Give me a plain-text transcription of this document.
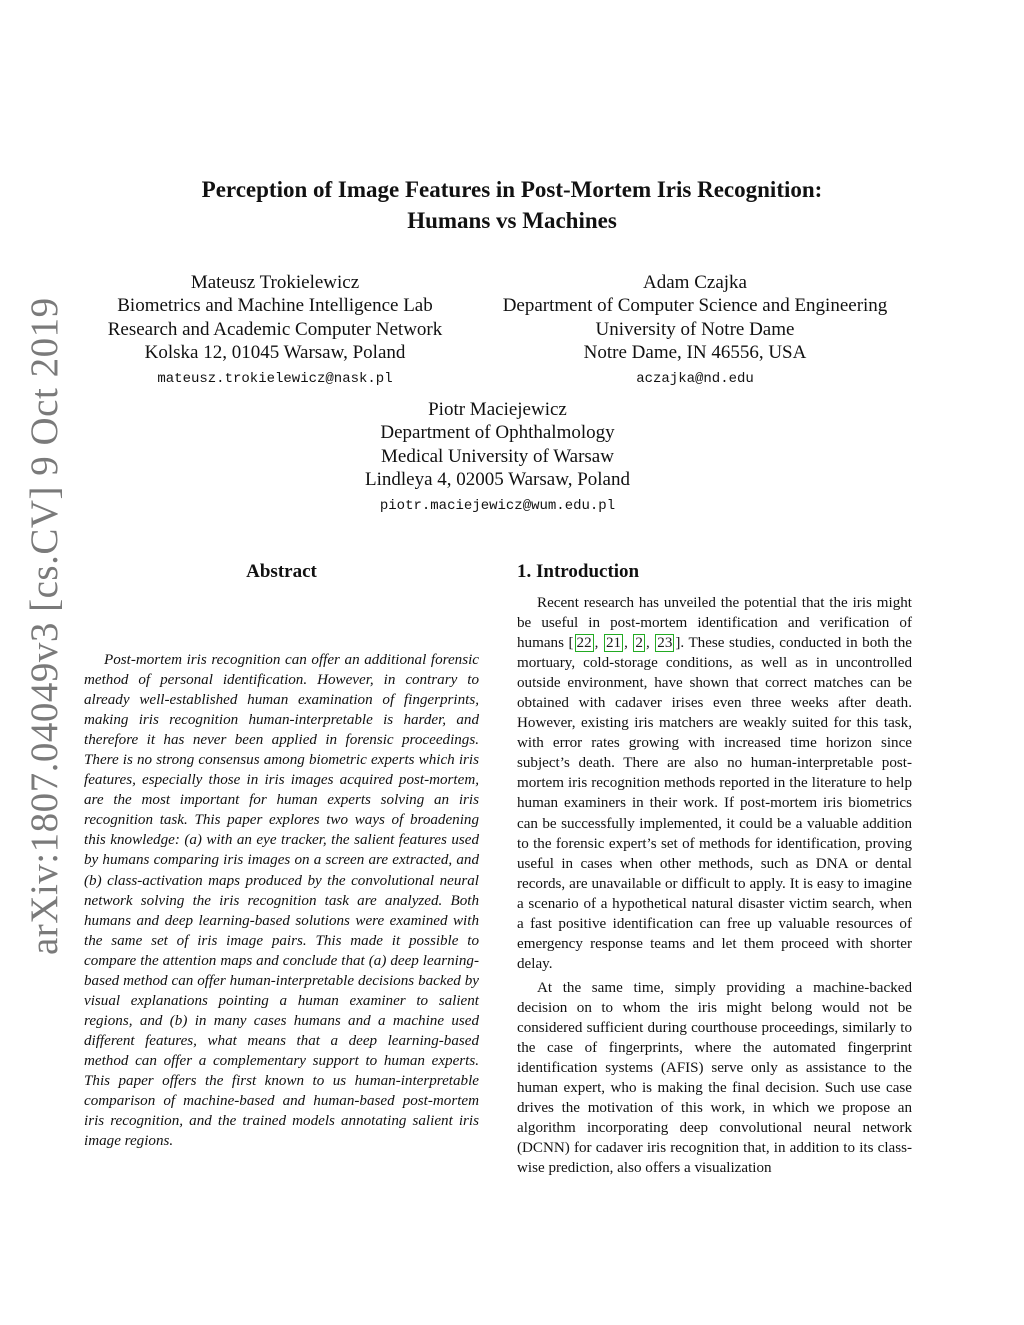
arXiv:1807.04049v3 [cs.CV] 9 Oct 2019
Perception of Image Features in Post-Mortem Iris Recognition:
Humans vs Machines
Mateusz Trokielewicz
Biometrics and Machine Intelligence Lab
Research and Academic Computer Network
Kolska 12, 01045 Warsaw, Poland
mateusz.trokielewicz@nask.pl
Adam Czajka
Department of Computer Science and Engineering
University of Notre Dame
Notre Dame, IN 46556, USA
aczajka@nd.edu
Piotr Maciejewicz
Department of Ophthalmology
Medical University of Warsaw
Lindleya 4, 02005 Warsaw, Poland
piotr.maciejewicz@wum.edu.pl
Abstract

Post-mortem iris recognition can offer an additional forensic method of personal identification. However, in contrary to already well-established human examination of fingerprints, making iris recognition human-interpretable is harder, and therefore it has never been applied in forensic proceedings. There is no strong consensus among biometric experts which iris features, especially those in iris images acquired post-mortem, are the most important for human experts solving an iris recognition task. This paper explores two ways of broadening this knowledge: (a) with an eye tracker, the salient features used by humans comparing iris images on a screen are extracted, and (b) class-activation maps produced by the convolutional neural network solving the iris recognition task are analyzed. Both humans and deep learning-based solutions were examined with the same set of iris image pairs. This made it possible to compare the attention maps and conclude that (a) deep learning-based method can offer human-interpretable decisions backed by visual explanations pointing a human examiner to salient regions, and (b) in many cases humans and a machine used different features, what means that a deep learning-based method can offer a complementary support to human experts. This paper offers the first known to us human-interpretable comparison of machine-based and human-based post-mortem iris recognition, and the trained models annotating salient iris image regions.

1. Introduction

Recent research has unveiled the potential that the iris might be useful in post-mortem identification and verification of humans [ 22 , 21 , 2 , 23 ]. These studies, conducted in both the mortuary, cold-storage conditions, as well as in uncontrolled outside environment, have shown that correct matches can be obtained with cadaver irises even three weeks after death. However, existing iris matchers are weakly suited for this task, with error rates growing with increased time horizon since subject’s death. There are also no human-interpretable post-mortem iris recognition methods reported in the literature to help human examiners in their work. If post-mortem iris biometrics can be successfully implemented, it could be a valuable addition to the forensic expert’s set of methods for identification, proving useful in cases when other methods, such as DNA or dental records, are unavailable or difficult to apply. It is easy to imagine a scenario of a hypothetical natural disaster victim search, when a fast positive identification can free up valuable resources of emergency response teams and let them proceed with shorter delay.

At the same time, simply providing a machine-backed decision on to whom the iris might belong would not be considered sufficient during courthouse proceedings, similarly to the case of fingerprints, where the automated fingerprint identification systems (AFIS) serve only as assistance to the human expert, who is making the final decision. Such use case drives the motivation of this work, in which we propose an algorithm incorporating deep convolutional neural network (DCNN) for cadaver iris recognition that, in addition to its class-wise prediction, also offers a visualization
